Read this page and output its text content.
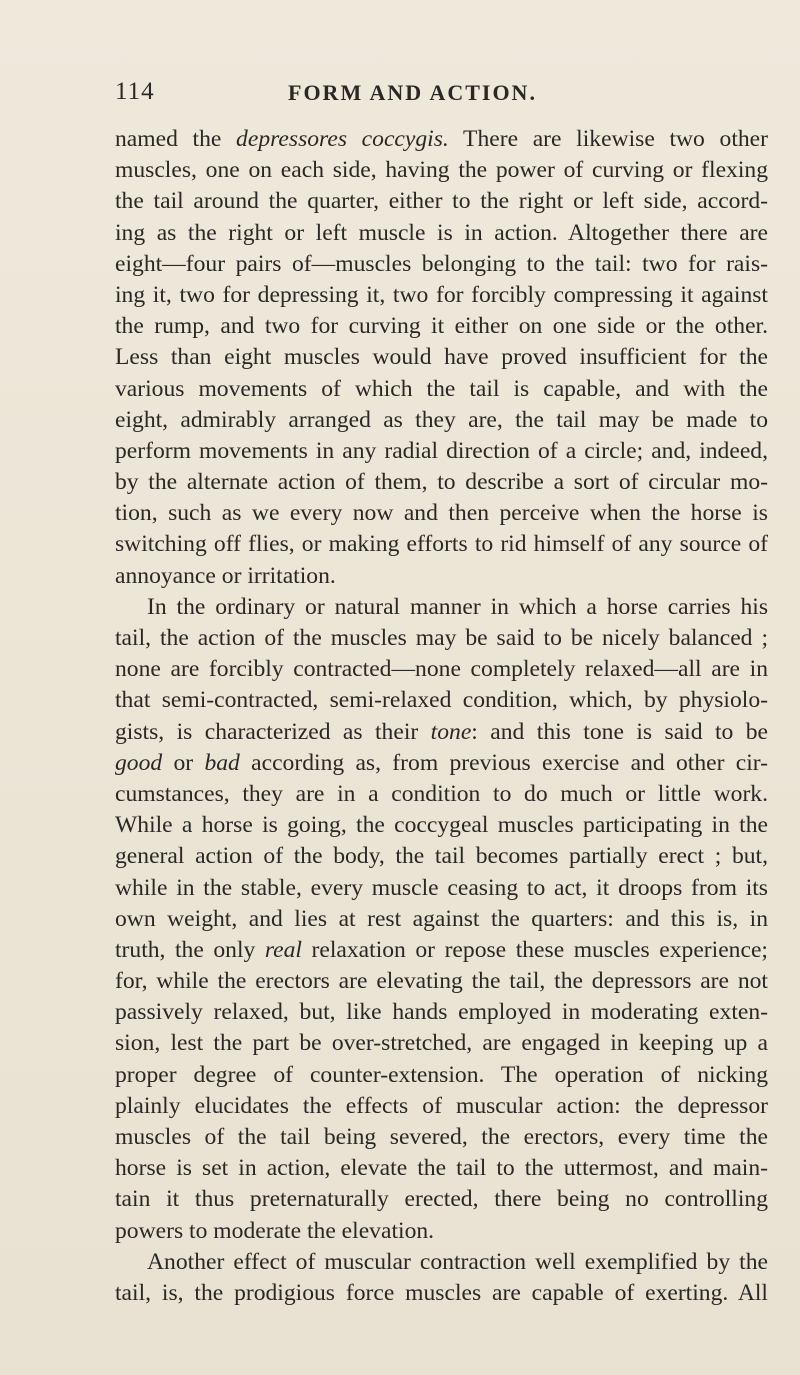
114	FORM AND ACTION.
named the depressores coccygis. There are likewise two other
muscles, one on each side, having the power of curving or flexing
the tail around the quarter, either to the right or left side, accord-
ing as the right or left muscle is in action. Altogether there are
eight—four pairs of—muscles belonging to the tail: two for rais-
ing it, two for depressing it, two for forcibly compressing it against
the rump, and two for curving it either on one side or the other.
Less than eight muscles would have proved insufficient for the
various movements of which the tail is capable, and with the
eight, admirably arranged as they are, the tail may be made to
perform movements in any radial direction of a circle; and, indeed,
by the alternate action of them, to describe a sort of circular mo-
tion, such as we every now and then perceive when the horse is
switching off flies, or making efforts to rid himself of any source of
annoyance or irritation.
In the ordinary or natural manner in which a horse carries his
tail, the action of the muscles may be said to be nicely balanced ;
none are forcibly contracted—none completely relaxed—all are in
that semi-contracted, semi-relaxed condition, which, by physiolo-
gists, is characterized as their tone: and this tone is said to be
good or bad according as, from previous exercise and other cir-
cumstances, they are in a condition to do much or little work.
While a horse is going, the coccygeal muscles participating in the
general action of the body, the tail becomes partially erect ; but,
while in the stable, every muscle ceasing to act, it droops from its
own weight, and lies at rest against the quarters: and this is, in
truth, the only real relaxation or repose these muscles experience;
for, while the erectors are elevating the tail, the depressors are not
passively relaxed, but, like hands employed in moderating exten-
sion, lest the part be over-stretched, are engaged in keeping up a
proper degree of counter-extension. The operation of nicking
plainly elucidates the effects of muscular action: the depressor
muscles of the tail being severed, the erectors, every time the
horse is set in action, elevate the tail to the uttermost, and main-
tain it thus preternaturally erected, there being no controlling
powers to moderate the elevation.
Another effect of muscular contraction well exemplified by the
tail, is, the prodigious force muscles are capable of exerting. All
